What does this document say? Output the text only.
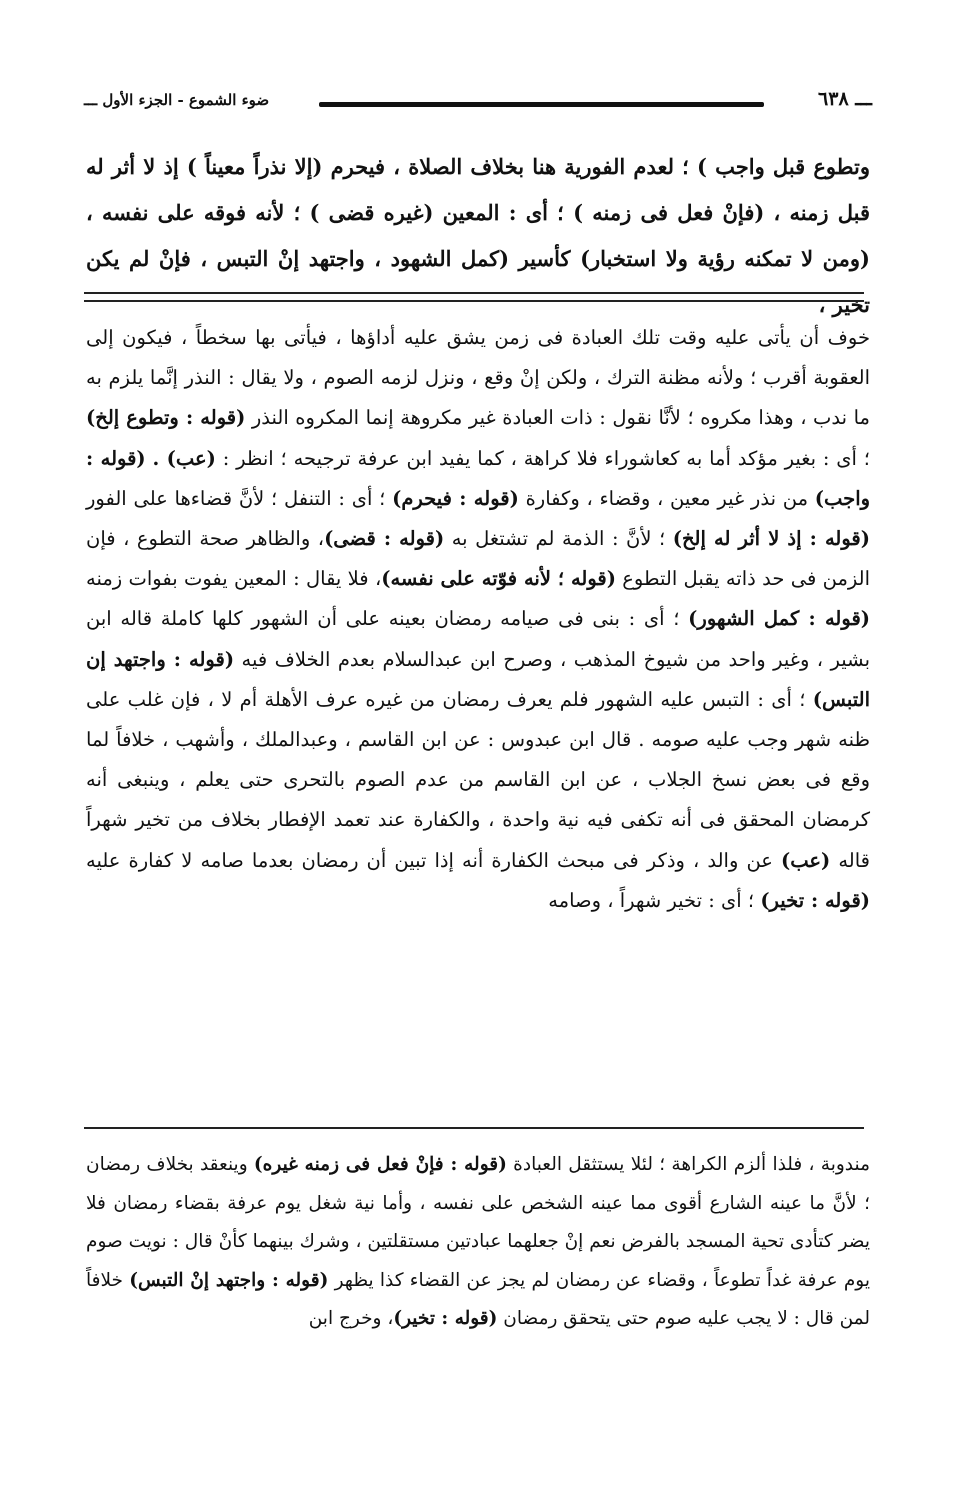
ـــ ٦٣٨
ضوء الشموع - الجزء الأول ـــ

وتطوع قبل واجب ) ؛ لعدم الفورية هنا بخلاف الصلاة ، فيحرم (إلا نذراً معيناً ) إذ لا أثر له قبل زمنه ، (فإنْ فعل فى زمنه ) ؛ أى : المعين (غيره قضى ) ؛ لأنه فوقه على نفسه ، (ومن لا تمكنه رؤية ولا استخبار) كأسير (كمل الشهود ، واجتهد إنْ التبس ، فإنْ لم يكن تخير ،

خوف أن يأتى عليه وقت تلك العبادة فى زمن يشق عليه أداؤها ، فيأتى بها سخطاً ، فيكون إلى العقوبة أقرب ؛ ولأنه مظنة الترك ، ولكن إنْ وقع ، ونزل لزمه الصوم ، ولا يقال : النذر إنَّما يلزم به ما ندب ، وهذا مكروه ؛ لأنَّا نقول : ذات العبادة غير مكروهة إنما المكروه النذر (قوله : وتطوع إلخ) ؛ أى : بغير مؤكد أما به كعاشوراء فلا كراهة ، كما يفيد ابن عرفة ترجيحه ؛ انظر : (عب) . (قوله : واجب) من نذر غير معين ، وقضاء ، وكفارة (قوله : فيحرم) ؛ أى : التنفل ؛ لأنَّ قضاءها على الفور (قوله : إذ لا أثر له إلخ) ؛ لأنَّ : الذمة لم تشتغل به (قوله : قضى)، والظاهر صحة التطوع ، فإن الزمن فى حد ذاته يقبل التطوع (قوله ؛ لأنه فوّته على نفسه)، فلا يقال : المعين يفوت بفوات زمنه (قوله : كمل الشهور) ؛ أى : بنى فى صيامه رمضان بعينه على أن الشهور كلها كاملة قاله ابن بشير ، وغير واحد من شيوخ المذهب ، وصرح ابن عبدالسلام بعدم الخلاف فيه (قوله : واجتهد إن التبس) ؛ أى : التبس عليه الشهور فلم يعرف رمضان من غيره عرف الأهلة أم لا ، فإن غلب على ظنه شهر وجب عليه صومه . قال ابن عبدوس : عن ابن القاسم ، وعبدالملك ، وأشهب ، خلافاً لما وقع فى بعض نسخ الجلاب ، عن ابن القاسم من عدم الصوم بالتحرى حتى يعلم ، وينبغى أنه كرمضان المحقق فى أنه تكفى فيه نية واحدة ، والكفارة عند تعمد الإفطار بخلاف من تخير شهراً قاله (عب) عن والد ، وذكر فى مبحث الكفارة أنه إذا تبين أن رمضان بعدما صامه لا كفارة عليه (قوله : تخير) ؛ أى : تخير شهراً ، وصامه

مندوبة ، فلذا ألزم الكراهة ؛ لئلا يستثقل العبادة (قوله : فإنْ فعل فى زمنه غيره) وينعقد بخلاف رمضان ؛ لأنَّ ما عينه الشارع أقوى مما عينه الشخص على نفسه ، وأما نية شغل يوم عرفة بقضاء رمضان فلا يضر كتأدى تحية المسجد بالفرض نعم إنْ جعلهما عبادتين مستقلتين ، وشرك بينهما كأنْ قال : نويت صوم يوم عرفة غداً تطوعاً ، وقضاء عن رمضان لم يجز عن القضاء كذا يظهر (قوله : واجتهد إنْ التبس) خلافاً لمن قال : لا يجب عليه صوم حتى يتحقق رمضان (قوله : تخير)، وخرج ابن
